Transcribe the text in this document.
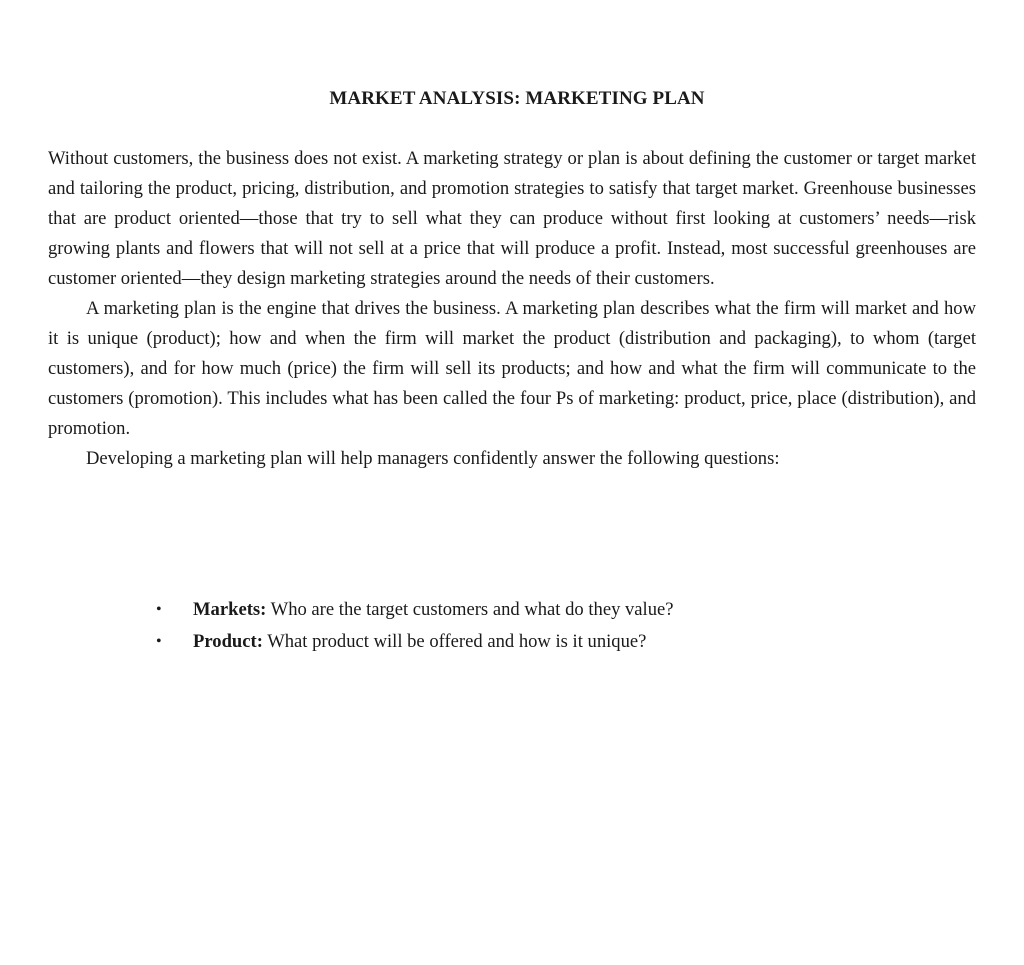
MARKET ANALYSIS: MARKETING PLAN

Without customers, the business does not exist. A marketing strategy or plan is about defining the customer or target market and tailoring the product, pricing, distribution, and promotion strategies to satisfy that target market. Greenhouse businesses that are product oriented—those that try to sell what they can produce without first looking at customers’ needs—risk growing plants and flowers that will not sell at a price that will produce a profit. Instead, most successful greenhouses are customer oriented—they design marketing strategies around the needs of their customers.

A marketing plan is the engine that drives the business. A marketing plan describes what the firm will market and how it is unique (product); how and when the firm will market the product (distribution and packaging), to whom (target customers), and for how much (price) the firm will sell its products; and how and what the firm will communicate to the customers (promotion). This includes what has been called the four Ps of marketing: product, price, place (distribution), and promotion.

Developing a marketing plan will help managers confidently answer the following questions:

• Markets: Who are the target customers and what do they value?
• Product: What product will be offered and how is it unique?
